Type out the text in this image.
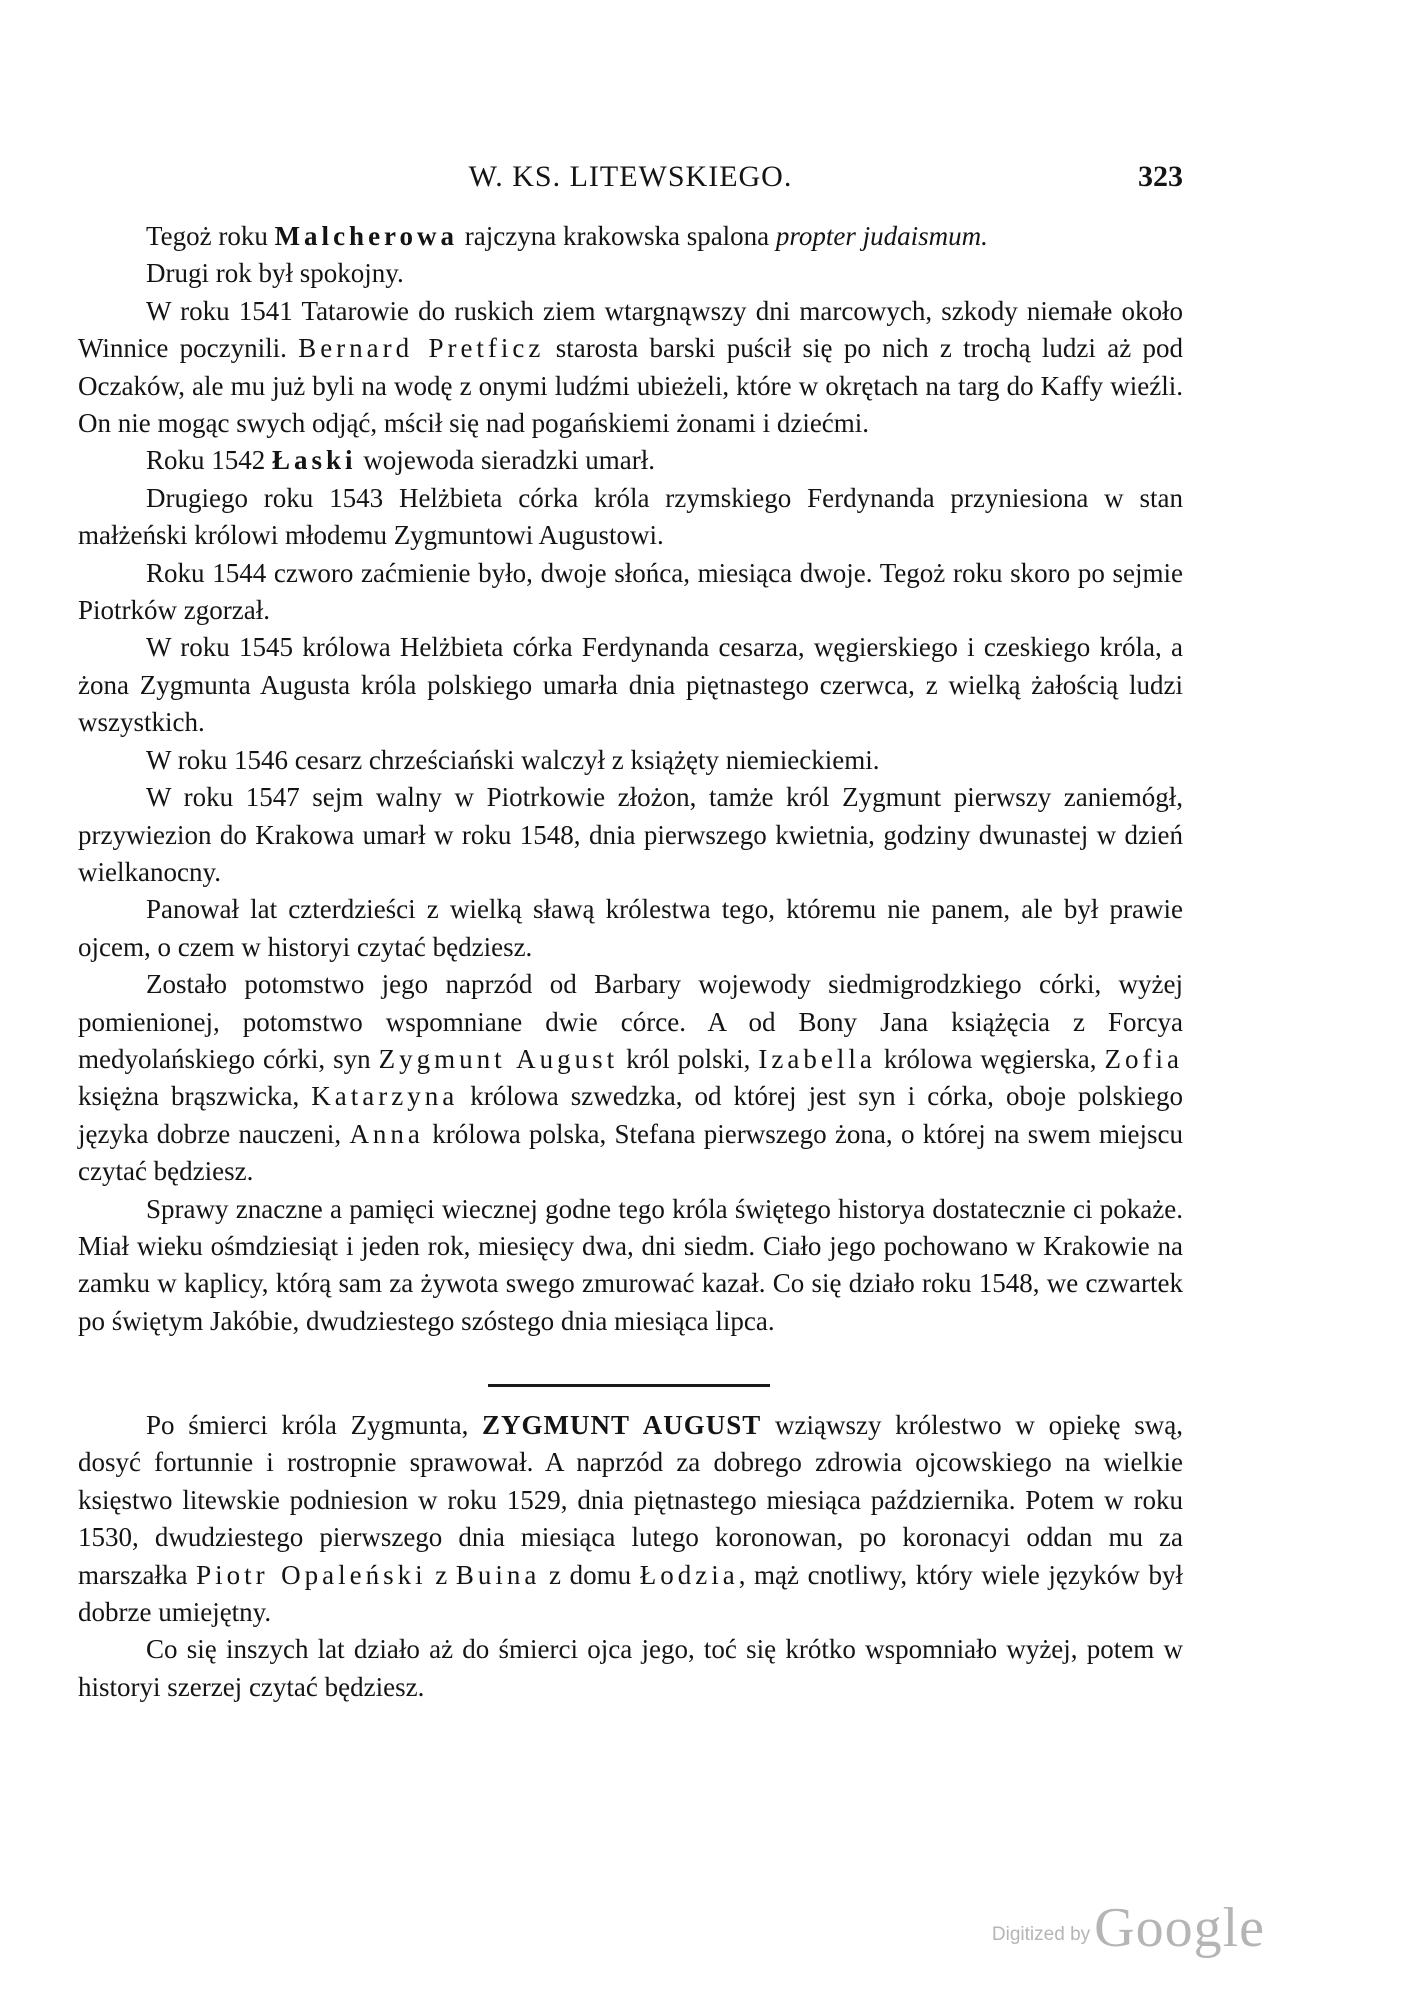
W. KS. LITEWSKIEGO.	323

Tegoż roku Malcherowa rajczyna krakowska spalona propter judaismum.

Drugi rok był spokojny.

W roku 1541 Tatarowie do ruskich ziem wtargnąwszy dni marcowych, szkody niemałe około Winnice poczynili. Bernard Pretficz starosta barski puścił się po nich z trochą ludzi aż pod Oczaków, ale mu już byli na wodę z onymi ludźmi ubieżeli, które w okrętach na targ do Kaffy wieźli. On nie mogąc swych odjąć, mścił się nad pogańskiemi żonami i dziećmi.

Roku 1542 Łaski wojewoda sieradzki umarł.

Drugiego roku 1543 Helżbieta córka króla rzymskiego Ferdynanda przyniesiona w stan małżeński królowi młodemu Zygmuntowi Augustowi.

Roku 1544 czworo zaćmienie było, dwoje słońca, miesiąca dwoje. Tegoż roku skoro po sejmie Piotrków zgorzał.

W roku 1545 królowa Helżbieta córka Ferdynanda cesarza, węgierskiego i czeskiego króla, a żona Zygmunta Augusta króla polskiego umarła dnia piętnastego czerwca, z wielką żałością ludzi wszystkich.

W roku 1546 cesarz chrześciański walczył z książęty niemieckiemi.

W roku 1547 sejm walny w Piotrkowie złożon, tamże król Zygmunt pierwszy zaniemógł, przywiezion do Krakowa umarł w roku 1548, dnia pierwszego kwietnia, godziny dwunastej w dzień wielkanocny.

Panował lat czterdzieści z wielką sławą królestwa tego, któremu nie panem, ale był prawie ojcem, o czem w historyi czytać będziesz.

Zostało potomstwo jego naprzód od Barbary wojewody siedmigrodzkiego córki, wyżej pomienionej, potomstwo wspomniane dwie córce. A od Bony Jana książęcia z Forcya medyolańskiego córki, syn Zygmunt August król polski, Izabella królowa węgierska, Zofia księżna brąszwicka, Katarzyna królowa szwedzka, od której jest syn i córka, oboje polskiego języka dobrze nauczeni, Anna królowa polska, Stefana pierwszego żona, o której na swem miejscu czytać będziesz.

Sprawy znaczne a pamięci wiecznej godne tego króla świętego historya dostatecznie ci pokaże. Miał wieku ośmdziesiąt i jeden rok, miesięcy dwa, dni siedm. Ciało jego pochowano w Krakowie na zamku w kaplicy, którą sam za żywota swego zmurować kazał. Co się działo roku 1548, we czwartek po świętym Jakóbie, dwudziestego szóstego dnia miesiąca lipca.

Po śmierci króla Zygmunta, ZYGMUNT AUGUST wziąwszy królestwo w opiekę swą, dosyć fortunnie i rostropnie sprawował. A naprzód za dobrego zdrowia ojcowskiego na wielkie księstwo litewskie podniesion w roku 1529, dnia piętnastego miesiąca października. Potem w roku 1530, dwudziestego pierwszego dnia miesiąca lutego koronowan, po koronacyi oddan mu za marszałka Piotr Opaleński z Buina z domu Łodzia, mąż cnotliwy, który wiele języków był dobrze umiejętny.

Co się inszych lat działo aż do śmierci ojca jego, toć się krótko wspomniało wyżej, potem w historyi szerzej czytać będziesz.

Digitized byGoogle
